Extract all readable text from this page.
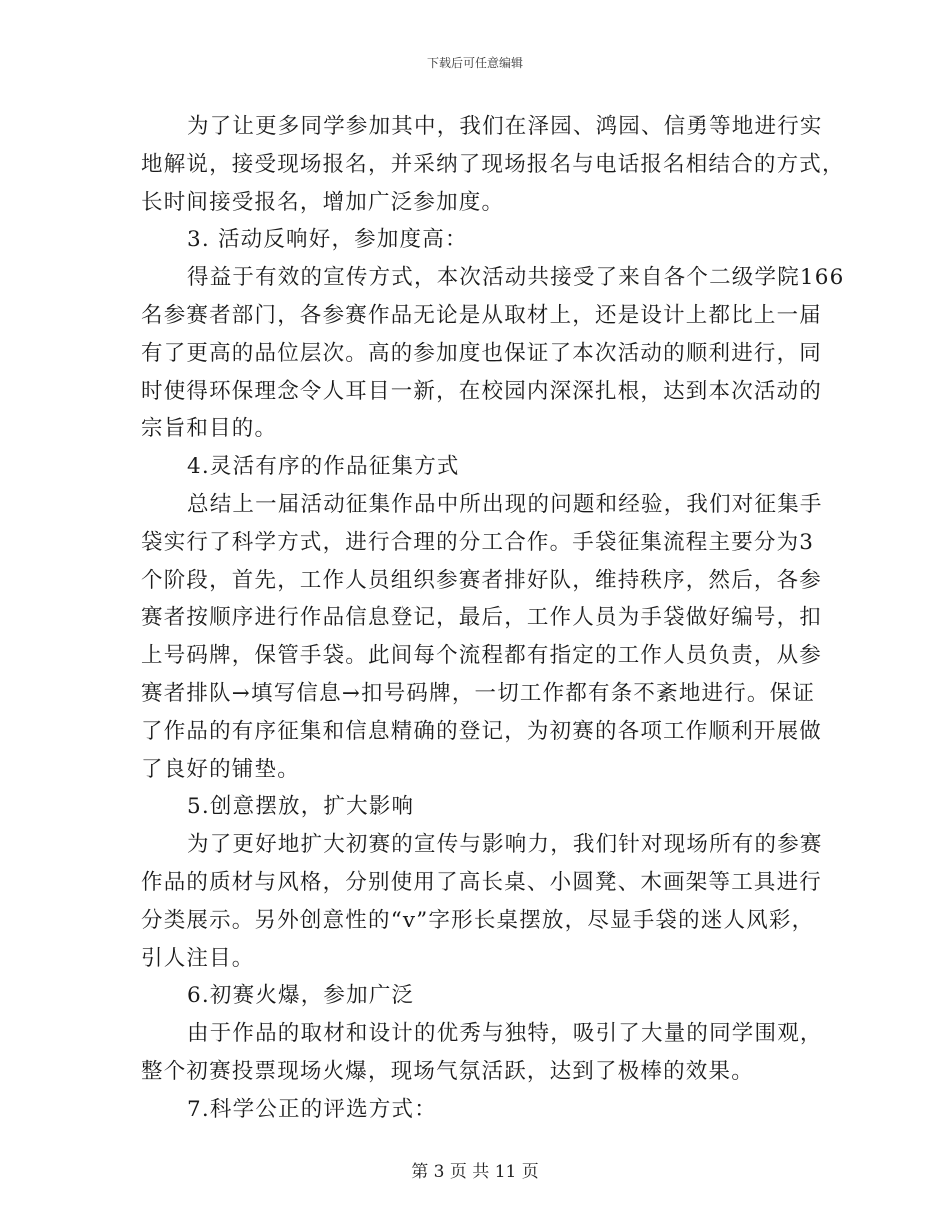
下载后可任意编辑
为了让更多同学参加其中，我们在泽园、鸿园、信勇等地进行实
地解说，接受现场报名，并采纳了现场报名与电话报名相结合的方式，
长时间接受报名，增加广泛参加度。
3. 活动反响好，参加度高：
得益于有效的宣传方式，本次活动共接受了来自各个二级学院166
名参赛者部门，各参赛作品无论是从取材上，还是设计上都比上一届
有了更高的品位层次。高的参加度也保证了本次活动的顺利进行，同
时使得环保理念令人耳目一新，在校园内深深扎根，达到本次活动的
宗旨和目的。
4.灵活有序的作品征集方式
总结上一届活动征集作品中所出现的问题和经验，我们对征集手
袋实行了科学方式，进行合理的分工合作。手袋征集流程主要分为3
个阶段，首先，工作人员组织参赛者排好队，维持秩序，然后，各参
赛者按顺序进行作品信息登记，最后，工作人员为手袋做好编号，扣
上号码牌，保管手袋。此间每个流程都有指定的工作人员负责，从参
赛者排队→填写信息→扣号码牌，一切工作都有条不紊地进行。保证
了作品的有序征集和信息精确的登记，为初赛的各项工作顺利开展做
了良好的铺垫。
5.创意摆放，扩大影响
为了更好地扩大初赛的宣传与影响力，我们针对现场所有的参赛
作品的质材与风格，分别使用了高长桌、小圆凳、木画架等工具进行
分类展示。另外创意性的“v”字形长桌摆放，尽显手袋的迷人风彩，
引人注目。
6.初赛火爆，参加广泛
由于作品的取材和设计的优秀与独特，吸引了大量的同学围观，
整个初赛投票现场火爆，现场气氛活跃，达到了极棒的效果。
7.科学公正的评选方式：
第 3 页 共 11 页
